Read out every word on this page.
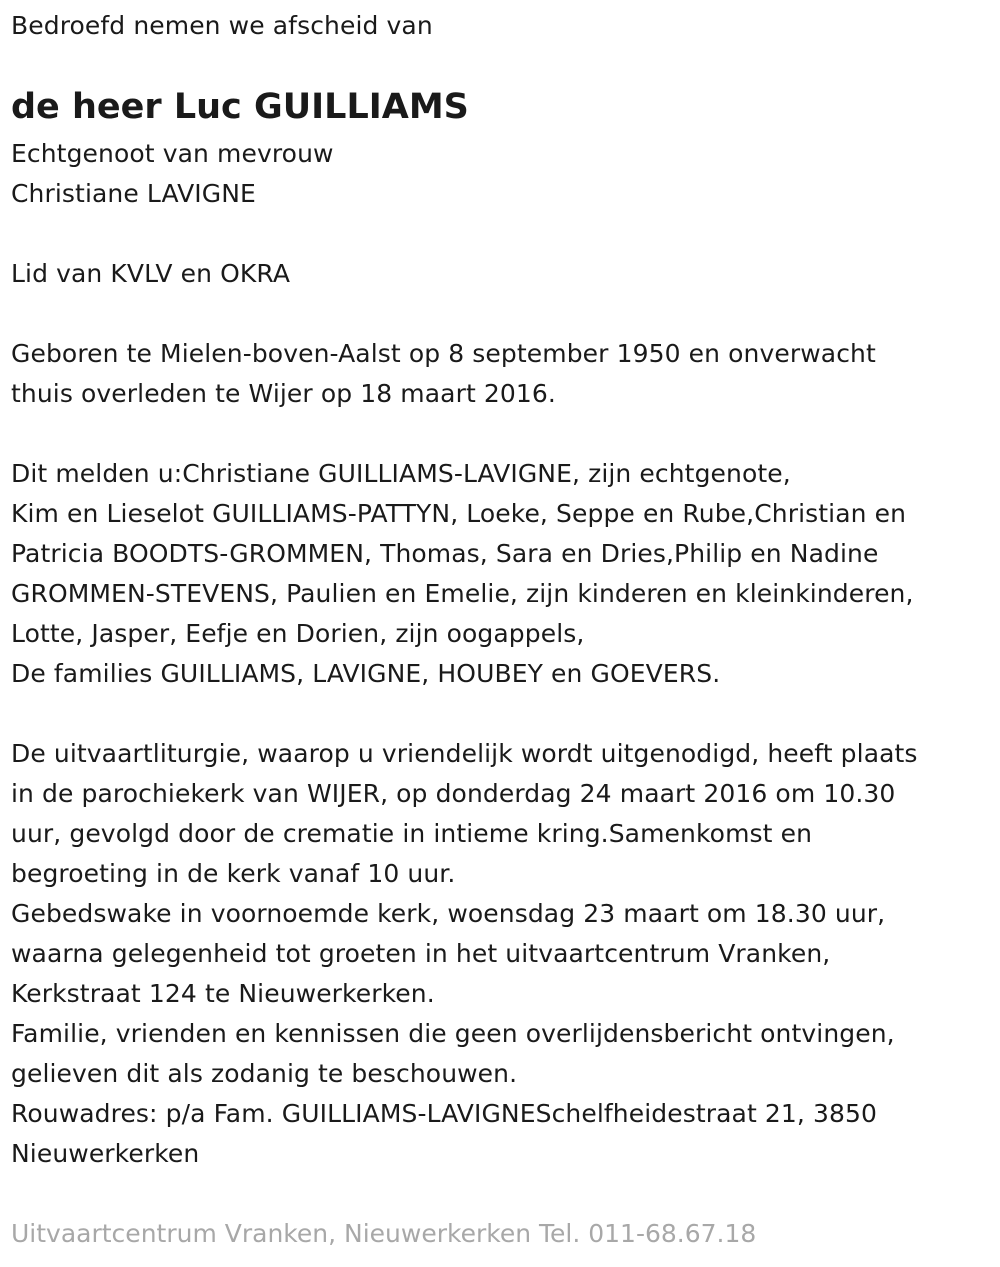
Bedroefd nemen we afscheid van
de heer Luc GUILLIAMS
Echtgenoot van mevrouw
Christiane LAVIGNE
Lid van KVLV en OKRA
Geboren te Mielen-boven-Aalst op 8 september 1950 en onverwacht
thuis overleden te Wijer op 18 maart 2016.
Dit melden u:Christiane GUILLIAMS-LAVIGNE, zijn echtgenote,
Kim en Lieselot GUILLIAMS-PATTYN, Loeke, Seppe en Rube,Christian en
Patricia BOODTS-GROMMEN, Thomas, Sara en Dries,Philip en Nadine
GROMMEN-STEVENS, Paulien en Emelie, zijn kinderen en kleinkinderen,
Lotte, Jasper, Eefje en Dorien, zijn oogappels,
De families GUILLIAMS, LAVIGNE, HOUBEY en GOEVERS.
De uitvaartliturgie, waarop u vriendelijk wordt uitgenodigd, heeft plaats
in de parochiekerk van WIJER, op donderdag 24 maart 2016 om 10.30
uur, gevolgd door de crematie in intieme kring.Samenkomst en
begroeting in de kerk vanaf 10 uur.
Gebedswake in voornoemde kerk, woensdag 23 maart om 18.30 uur,
waarna gelegenheid tot groeten in het uitvaartcentrum Vranken,
Kerkstraat 124 te Nieuwerkerken.
Familie, vrienden en kennissen die geen overlijdensbericht ontvingen,
gelieven dit als zodanig te beschouwen.
Rouwadres: p/a Fam. GUILLIAMS-LAVIGNESchelfheidestraat 21, 3850
Nieuwerkerken
Uitvaartcentrum Vranken, Nieuwerkerken Tel. 011-68.67.18
